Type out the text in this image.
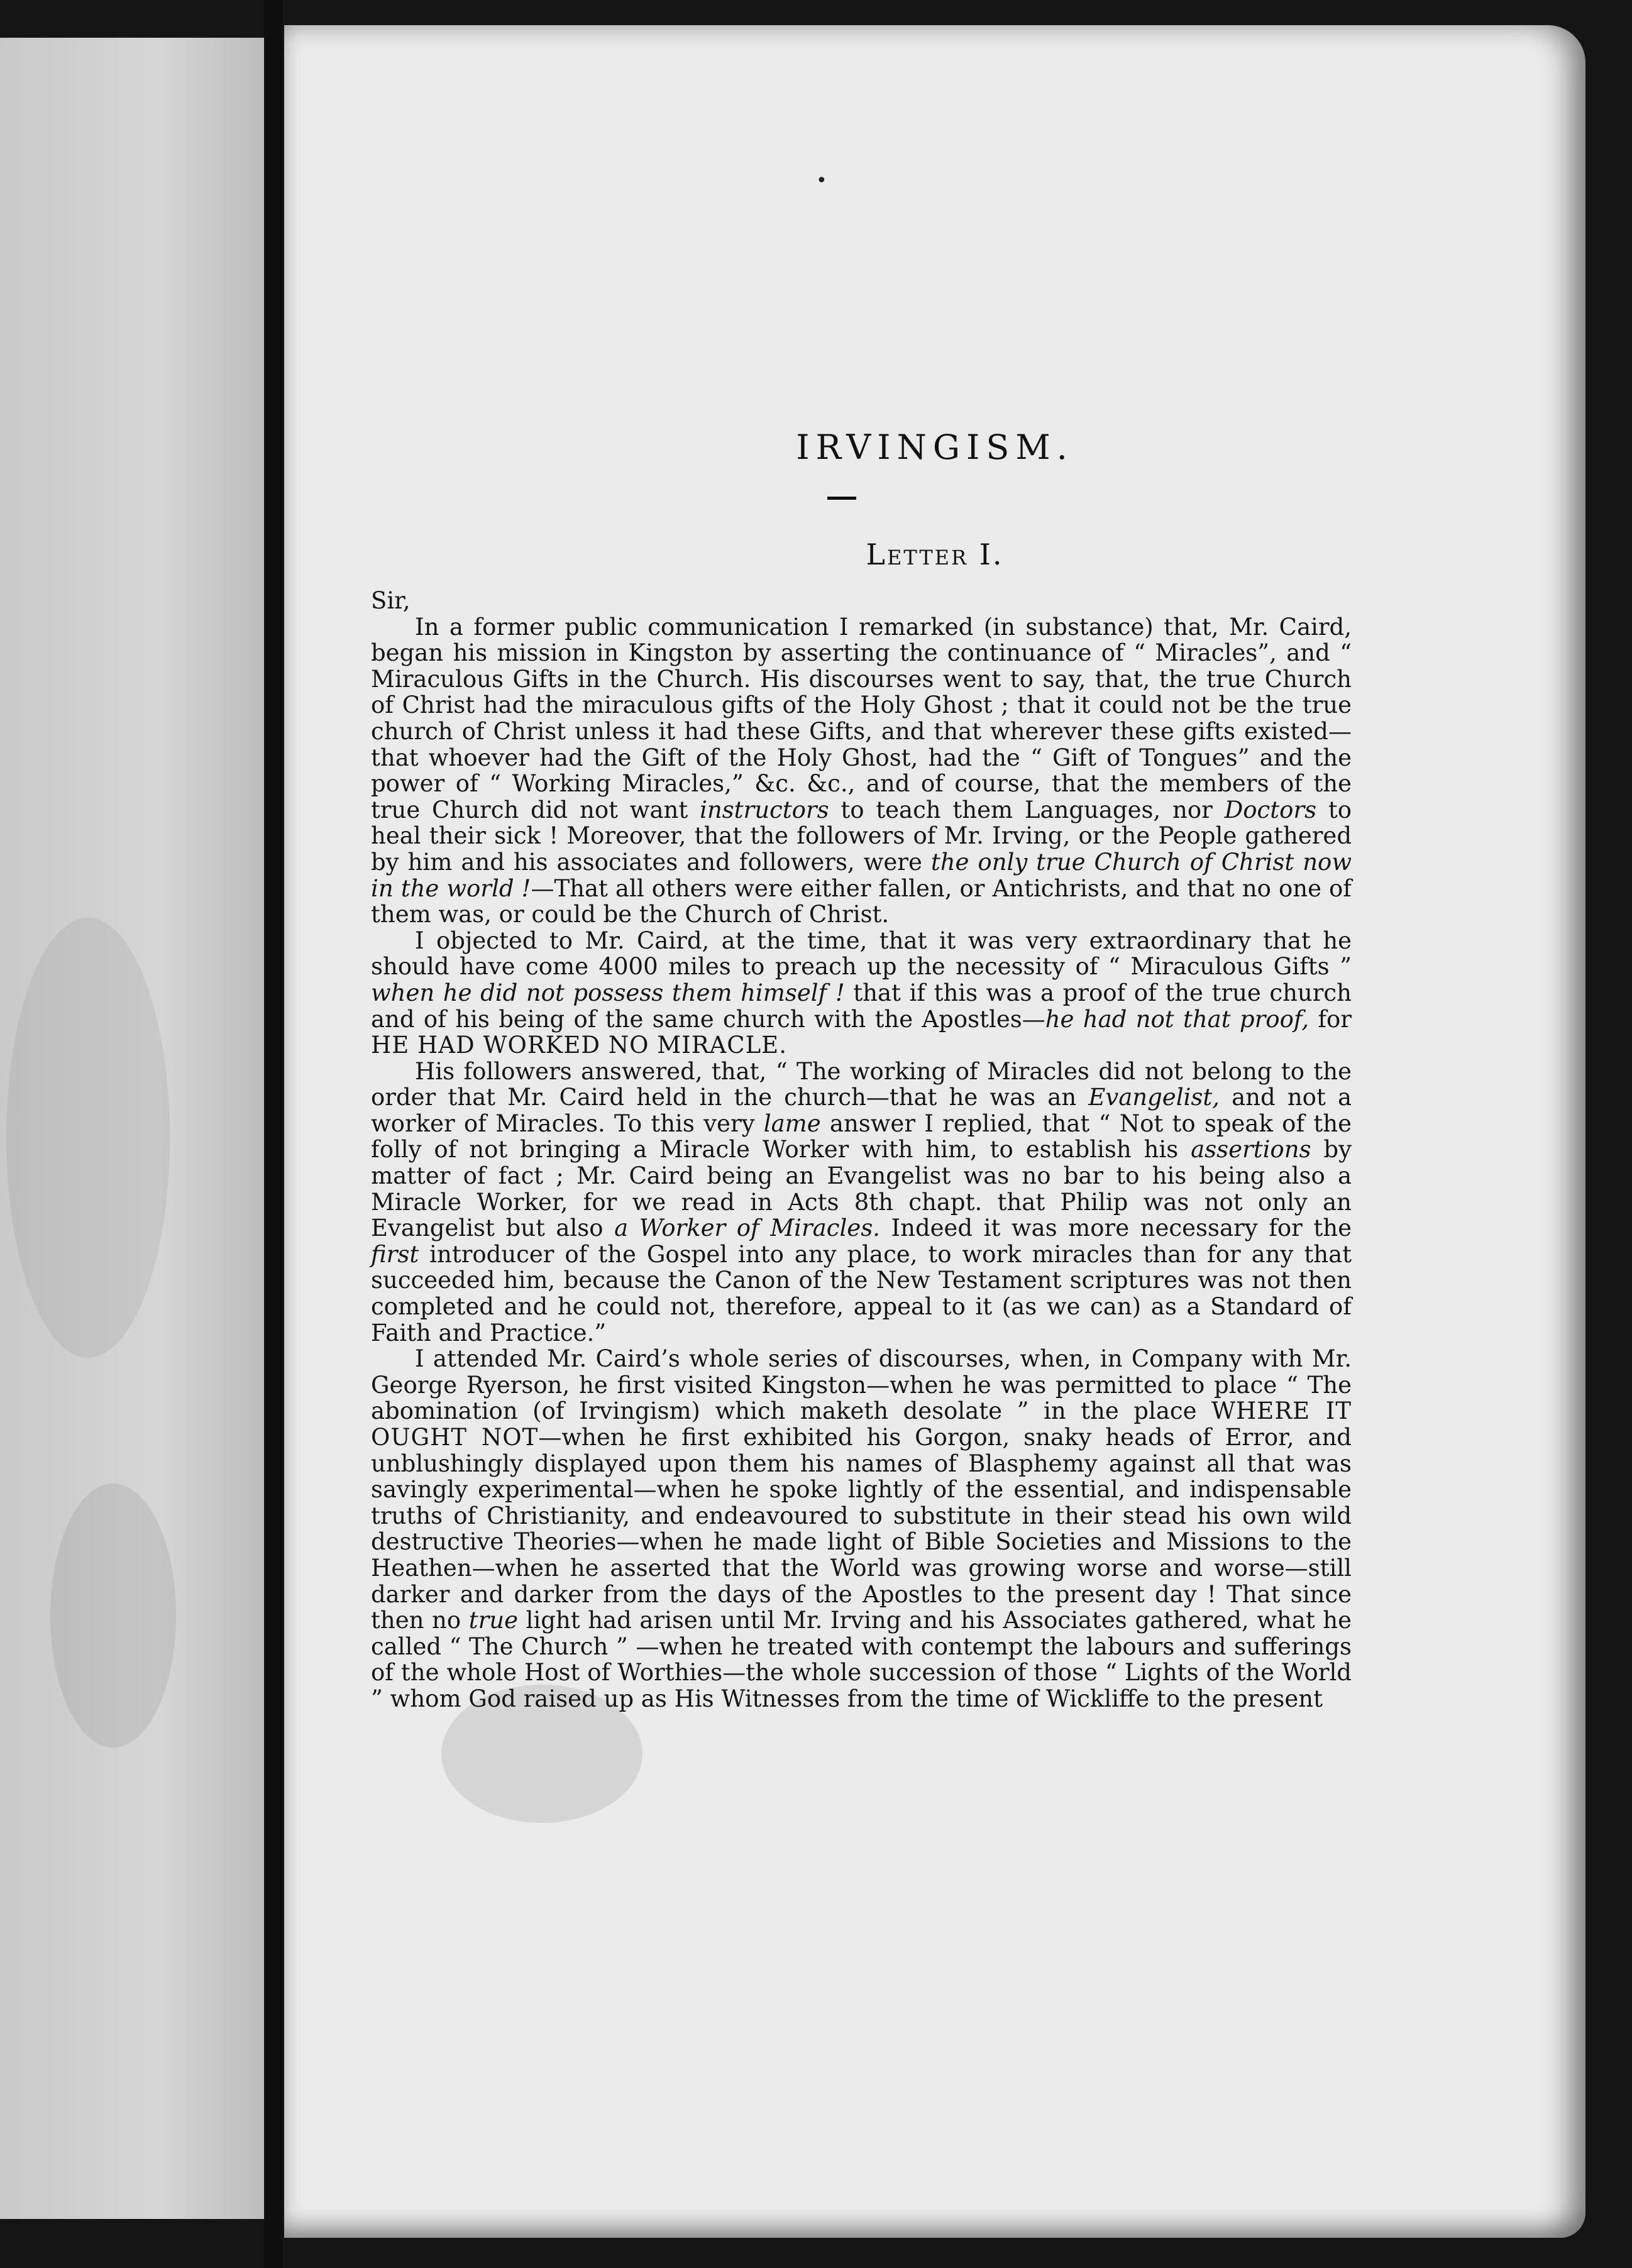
•
IRVINGISM.
Letter I.

Sir,

In a former public communication I remarked (in substance) that, Mr. Caird, began his mission in Kingston by asserting the continuance of “ Miracles”, and “ Miraculous Gifts in the Church. His discourses went to say, that, the true Church of Christ had the miraculous gifts of the Holy Ghost ; that it could not be the true church of Christ unless it had these Gifts, and that wherever these gifts existed—that whoever had the Gift of the Holy Ghost, had the “ Gift of Tongues” and the power of “ Working Miracles,” &c. &c., and of course, that the members of the true Church did not want instructors to teach them Languages, nor Doctors to heal their sick ! Moreover, that the followers of Mr. Irving, or the People gathered by him and his associates and followers, were the only true Church of Christ now in the world !—That all others were either fallen, or Antichrists, and that no one of them was, or could be the Church of Christ.

I objected to Mr. Caird, at the time, that it was very extraordinary that he should have come 4000 miles to preach up the necessity of “ Miraculous Gifts ” when he did not possess them himself ! that if this was a proof of the true church and of his being of the same church with the Apostles—he had not that proof, for HE HAD WORKED NO MIRACLE.

His followers answered, that, “ The working of Miracles did not belong to the order that Mr. Caird held in the church—that he was an Evangelist, and not a worker of Miracles. To this very lame answer I replied, that “ Not to speak of the folly of not bringing a Miracle Worker with him, to establish his assertions by matter of fact ; Mr. Caird being an Evangelist was no bar to his being also a Miracle Worker, for we read in Acts 8th chapt. that Philip was not only an Evangelist but also a Worker of Miracles. Indeed it was more necessary for the first introducer of the Gospel into any place, to work miracles than for any that succeeded him, because the Canon of the New Testament scriptures was not then completed and he could not, therefore, appeal to it (as we can) as a Standard of Faith and Practice.”

I attended Mr. Caird’s whole series of discourses, when, in Company with Mr. George Ryerson, he first visited Kingston—when he was permitted to place “ The abomination (of Irvingism) which maketh desolate ” in the place WHERE IT OUGHT NOT—when he first exhibited his Gorgon, snaky heads of Error, and unblushingly displayed upon them his names of Blasphemy against all that was savingly experimental—when he spoke lightly of the essential, and indispensable truths of Christianity, and endeavoured to substitute in their stead his own wild destructive Theories—when he made light of Bible Societies and Missions to the Heathen—when he asserted that the World was growing worse and worse—still darker and darker from the days of the Apostles to the present day ! That since then no true light had arisen until Mr. Irving and his Associates gathered, what he called “ The Church ” —when he treated with contempt the labours and sufferings of the whole Host of Worthies—the whole succession of those “ Lights of the World ” whom God raised up as His Witnesses from the time of Wickliffe to the present
